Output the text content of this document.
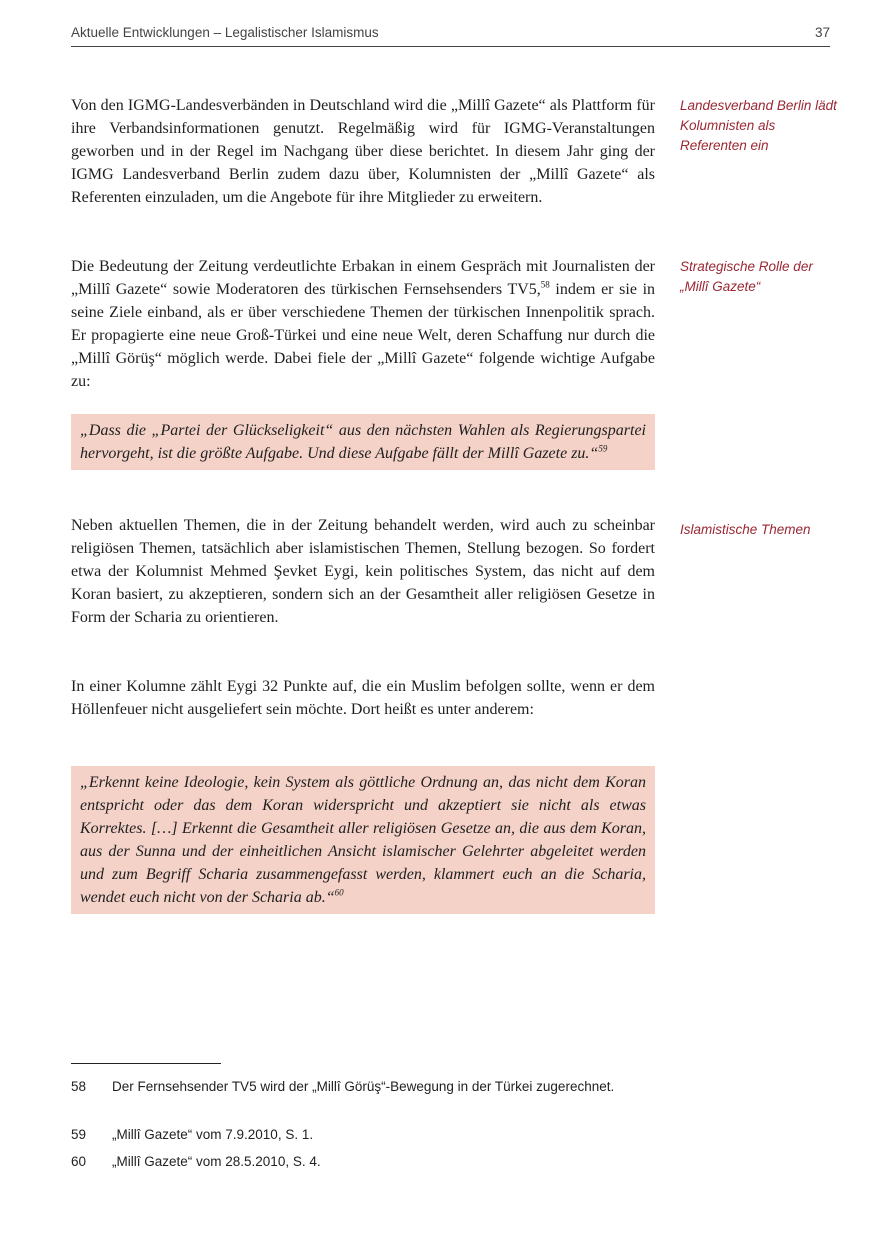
Aktuelle Entwicklungen – Legalistischer Islamismus	37

Von den IGMG-Landesverbänden in Deutschland wird die „Millî Gazete“ als Plattform für ihre Verbandsinformationen genutzt. Regelmäßig wird für IGMG-Veranstaltungen geworben und in der Regel im Nachgang über diese berichtet. In diesem Jahr ging der IGMG Landesverband Berlin zudem dazu über, Kolumnisten der „Millî Gazete“ als Referenten einzuladen, um die Angebote für ihre Mitglieder zu erweitern.

Die Bedeutung der Zeitung verdeutlichte Erbakan in einem Gespräch mit Journalisten der „Millî Gazete“ sowie Moderatoren des türkischen Fernsehsenders TV5,58 indem er sie in seine Ziele einband, als er über verschiedene Themen der türkischen Innenpolitik sprach. Er propagierte eine neue Groß-Türkei und eine neue Welt, deren Schaffung nur durch die „Millî Görüş“ möglich werde. Dabei fiele der „Millî Gazete“ folgende wichtige Aufgabe zu:

„Dass die „Partei der Glückseligkeit“ aus den nächsten Wahlen als Regierungspartei hervorgeht, ist die größte Aufgabe. Und diese Aufgabe fällt der Millî Gazete zu.“$^{59}$

Neben aktuellen Themen, die in der Zeitung behandelt werden, wird auch zu scheinbar religiösen Themen, tatsächlich aber islamistischen Themen, Stellung bezogen. So fordert etwa der Kolumnist Mehmed Şevket Eygi, kein politisches System, das nicht auf dem Koran basiert, zu akzeptieren, sondern sich an der Gesamtheit aller religiösen Gesetze in Form der Scharia zu orientieren.

In einer Kolumne zählt Eygi 32 Punkte auf, die ein Muslim befolgen sollte, wenn er dem Höllenfeuer nicht ausgeliefert sein möchte. Dort heißt es unter anderem:

„Erkennt keine Ideologie, kein System als göttliche Ordnung an, das nicht dem Koran entspricht oder das dem Koran widerspricht und akzeptiert sie nicht als etwas Korrektes. […] Erkennt die Gesamtheit aller religiösen Gesetze an, die aus dem Koran, aus der Sunna und der einheitlichen Ansicht islamischer Gelehrter abgeleitet werden und zum Begriff Scharia zusammengefasst werden, klammert euch an die Scharia, wendet euch nicht von der Scharia ab.“$^{60}$
Landesverband Berlin lädt Kolumnisten als Referenten ein
Strategische Rolle der „Millî Gazete“
Islamistische Themen
58	Der Fernsehsender TV5 wird der „Millî Görüş“-Bewegung in der Türkei zugerechnet.
59	„Millî Gazete“ vom 7.9.2010, S. 1.
60	„Millî Gazete“ vom 28.5.2010, S. 4.
